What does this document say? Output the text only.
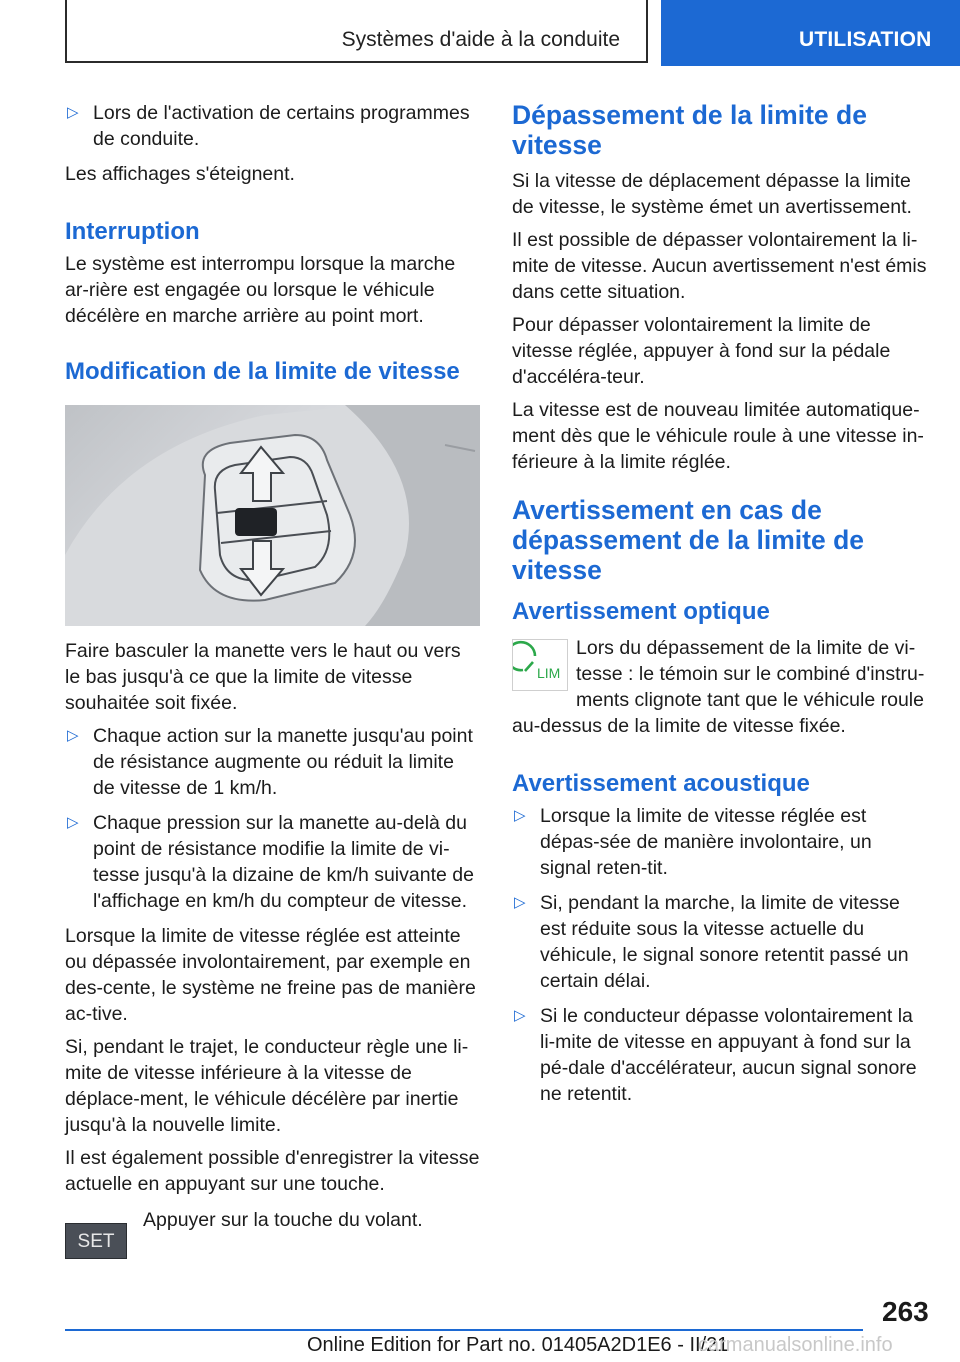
Systèmes d'aide à la conduite	UTILISATION
▷ Lors de l'activation de certains programmes de conduite.

Les affichages s'éteignent.

Interruption

Le système est interrompu lorsque la marche ar-rière est engagée ou lorsque le véhicule décélère en marche arrière au point mort.

Modification de la limite de vitesse

Faire basculer la manette vers le haut ou vers le bas jusqu'à ce que la limite de vitesse souhaitée soit fixée.

▷ Chaque action sur la manette jusqu'au point de résistance augmente ou réduit la limite de vitesse de 1 km/h.
▷ Chaque pression sur la manette au-delà du point de résistance modifie la limite de vi-tesse jusqu'à la dizaine de km/h suivante de l'affichage en km/h du compteur de vitesse.

Lorsque la limite de vitesse réglée est atteinte ou dépassée involontairement, par exemple en des-cente, le système ne freine pas de manière ac-tive.

Si, pendant le trajet, le conducteur règle une li-mite de vitesse inférieure à la vitesse de déplace-ment, le véhicule décélère par inertie jusqu'à la nouvelle limite.

Il est également possible d'enregistrer la vitesse actuelle en appuyant sur une touche.

SET
Appuyer sur la touche du volant.
Dépassement de la limite de vitesse

Si la vitesse de déplacement dépasse la limite de vitesse, le système émet un avertissement.

Il est possible de dépasser volontairement la li-mite de vitesse. Aucun avertissement n'est émis dans cette situation.

Pour dépasser volontairement la limite de vitesse réglée, appuyer à fond sur la pédale d'accéléra-teur.

La vitesse est de nouveau limitée automatique-ment dès que le véhicule roule à une vitesse in-férieure à la limite réglée.

Avertissement en cas de dépassement de la limite de vitesse
Avertissement optique
LIM
Lors du dépassement de la limite de vi-tesse : le témoin sur le combiné d'instru-ments clignote tant que le véhicule roule

au-dessus de la limite de vitesse fixée.

Avertissement acoustique
▷ Lorsque la limite de vitesse réglée est dépas-sée de manière involontaire, un signal reten-tit.
▷ Si, pendant la marche, la limite de vitesse est réduite sous la vitesse actuelle du véhicule, le signal sonore retentit passé un certain délai.
▷ Si le conducteur dépasse volontairement la li-mite de vitesse en appuyant à fond sur la pé-dale d'accélérateur, aucun signal sonore ne retentit.
263
Online Edition for Part no. 01405A2D1E6 - II/21
carmanualsonline.info
